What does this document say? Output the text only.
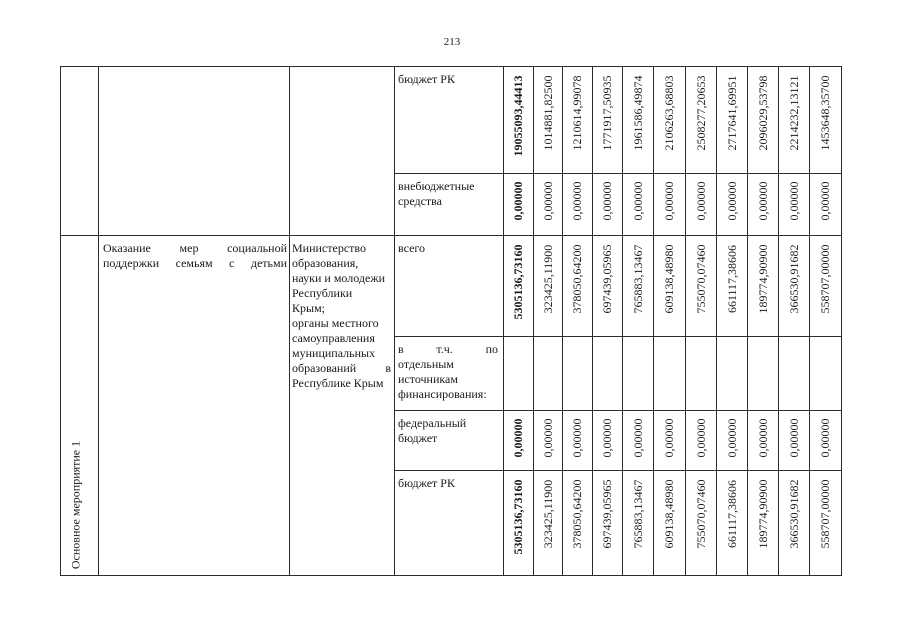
213
Основное мероприятие 1
Оказание мер социальной поддержки семьям с детьми
Министерство
образования,
науки и молодежи
Республики
Крым;
органы местного
самоуправления
муниципальных
образований в
Республике Крым
бюджет РК
внебюджетные
средства
всего
в т.ч. по
отдельным
источникам
финансирования:
федеральный
бюджет
бюджет РК
19055093,44413 1014881,82500 1210614,99078 1771917,50935 1961586,49874 2106263,68803 2508277,20653 2717641,69951 2096029,53798 2214232,13121 1453648,35700
0,00000 0,00000 0,00000 0,00000 0,00000 0,00000 0,00000 0,00000 0,00000 0,00000 0,00000
5305136,73160 323425,11900 378050,64200 697439,05965 765883,13467 609138,48980 755070,07460 661117,38606 189774,90900 366530,91682 558707,00000
0,00000 0,00000 0,00000 0,00000 0,00000 0,00000 0,00000 0,00000 0,00000 0,00000 0,00000
5305136,73160 323425,11900 378050,64200 697439,05965 765883,13467 609138,48980 755070,07460 661117,38606 189774,90900 366530,91682 558707,00000
